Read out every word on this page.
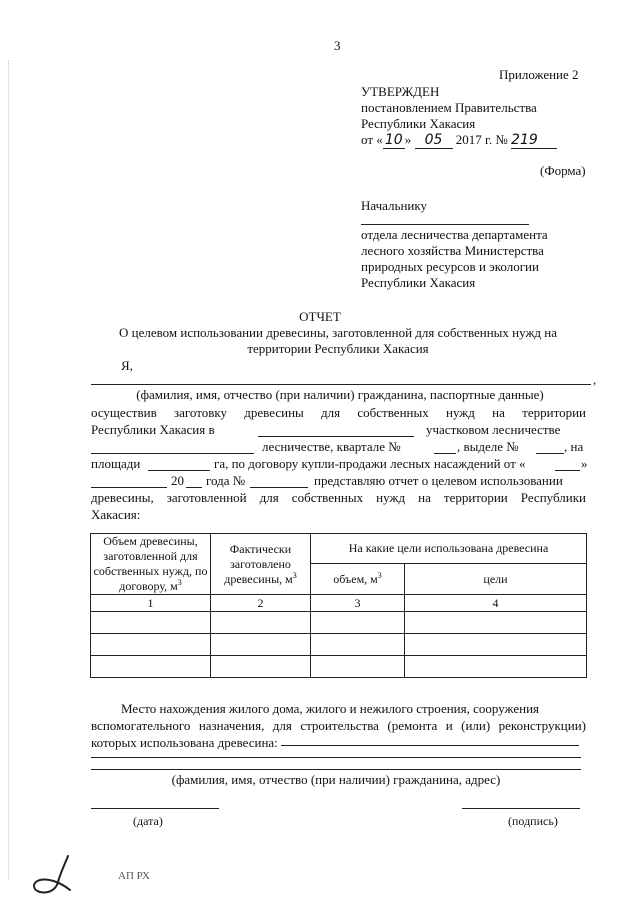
3
Приложение 2
УТВЕРЖДЕН
постановлением Правительства
Республики Хакасия
от « 10 » 05 2017 г. № 219
(Форма)
Начальнику
отдела лесничества департамента
лесного хозяйства Министерства
природных ресурсов и экологии
Республики Хакасия
ОТЧЕТ
О целевом использовании древесины, заготовленной для собственных нужд на
территории Республики Хакасия
Я,
,
(фамилия, имя, отчество (при наличии) гражданина, паспортные данные)
осуществив заготовку древесины для собственных нужд на территории
Республики Хакасия в	участковом лесничестве
лесничестве, квартале №	, выделе №	, на
площади	га, по договору купли-продажи лесных насаждений от «	»
20 года №	представляю отчет о целевом использовании
древесины, заготовленной для собственных нужд на территории Республики
Хакасия:
Объем древесины, заготовленной для собственных нужд, по договору, $м^3$	Фактически заготовлено древесины, $м^3$	На какие цели использована древесина	
		объем, $м^3$	цели
1	2	3	4

Место нахождения жилого дома, жилого и нежилого строения, сооружения
вспомогательного назначения, для строительства (ремонта и (или) реконструкции)
которых использована древесина:
(фамилия, имя, отчество (при наличии) гражданина, адрес)
(дата)	(подпись)
АП РХ
